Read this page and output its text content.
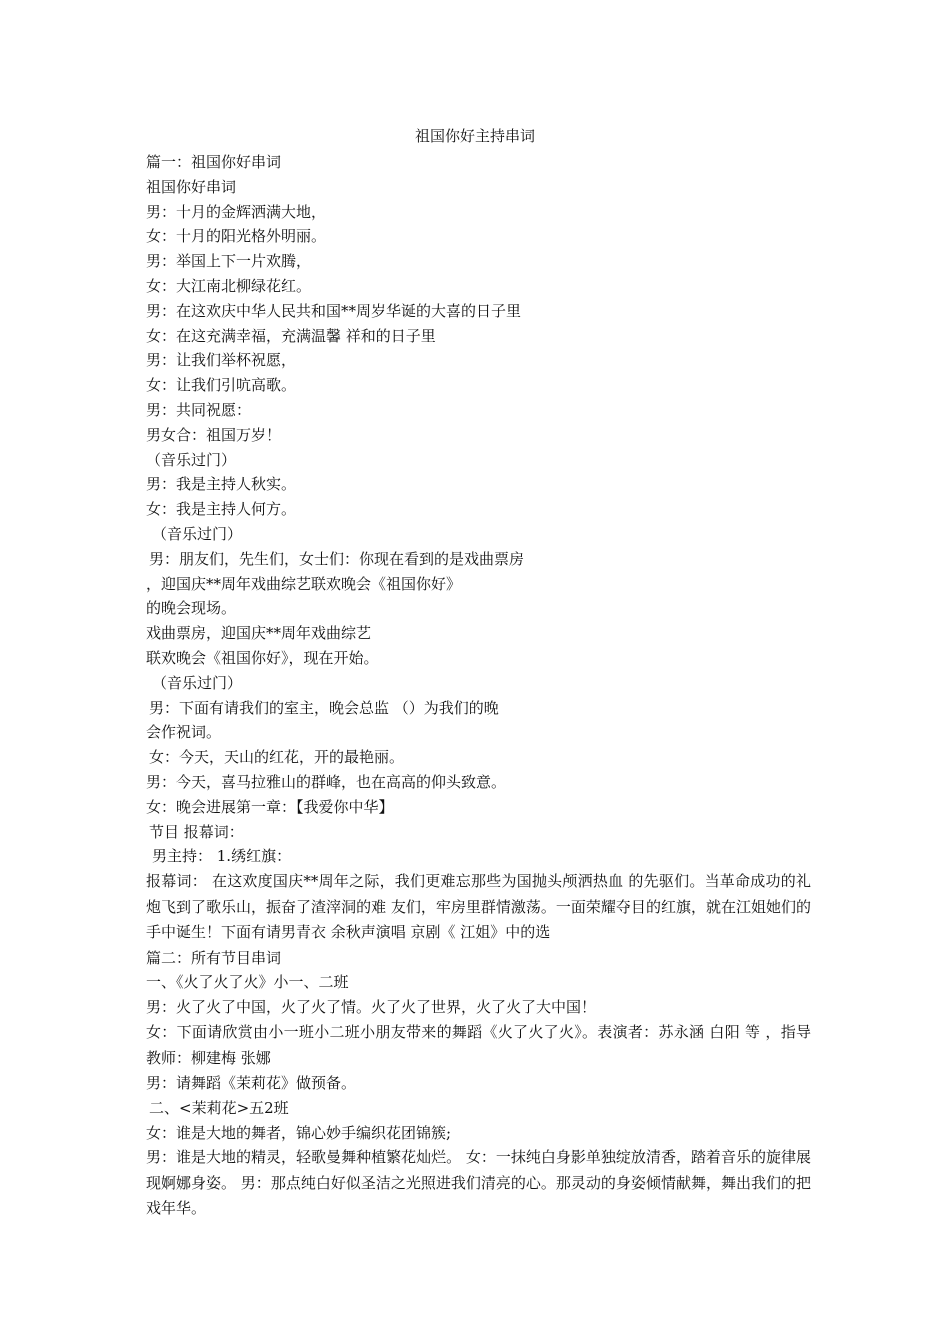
祖国你好主持串词
篇一：祖国你好串词
祖国你好串词
男：十月的金辉洒满大地，
女：十月的阳光格外明丽。
男：举国上下一片欢腾，
女：大江南北柳绿花红。
男：在这欢庆中华人民共和国**周岁华诞的大喜的日子里
女：在这充满幸福，充满温馨 祥和的日子里
男：让我们举杯祝愿，
女：让我们引吭高歌。
男：共同祝愿：
男女合：祖国万岁！
（音乐过门）
男：我是主持人秋实。
女：我是主持人何方。
（音乐过门）
男：朋友们，先生们，女士们：你现在看到的是戏曲票房
，迎国庆**周年戏曲综艺联欢晚会《祖国你好》
的晚会现场。
戏曲票房，迎国庆**周年戏曲综艺
联欢晚会《祖国你好》，现在开始。
（音乐过门）
男：下面有请我们的室主，晚会总监 （）为我们的晚
会作祝词。
女：今天，天山的红花，开的最艳丽。
男：今天，喜马拉雅山的群峰，也在高高的仰头致意。
女：晚会进展第一章：【我爱你中华】
节目 报幕词：
男主持： 1.绣红旗：

报幕词： 在这欢度国庆**周年之际，我们更难忘那些为国抛头颅洒热血 的先驱们。当革命成功的礼炮飞到了歌乐山，振奋了渣滓洞的难 友们，牢房里群情激荡。一面荣耀夺目的红旗，就在江姐她们的 手中诞生！下面有请男青衣 余秋声演唱 京剧《 江姐》中的选

篇二：所有节目串词
一、《火了火了火》小一、二班
男：火了火了中国，火了火了情。火了火了世界，火了火了大中国！

女：下面请欣赏由小一班小二班小朋友带来的舞蹈《火了火了火》。表演者：苏永涵 白阳 等 ，指导教师：柳建梅 张娜

男：请舞蹈《茉莉花》做预备。
二、<茉莉花>五2班
女：谁是大地的舞者，锦心妙手编织花团锦簇;

男：谁是大地的精灵，轻歌曼舞种植繁花灿烂。 女：一抹纯白身影单独绽放清香，踏着音乐的旋律展现婀娜身姿。 男：那点纯白好似圣洁之光照进我们清亮的心。那灵动的身姿倾情献舞，舞出我们的把戏年华。
